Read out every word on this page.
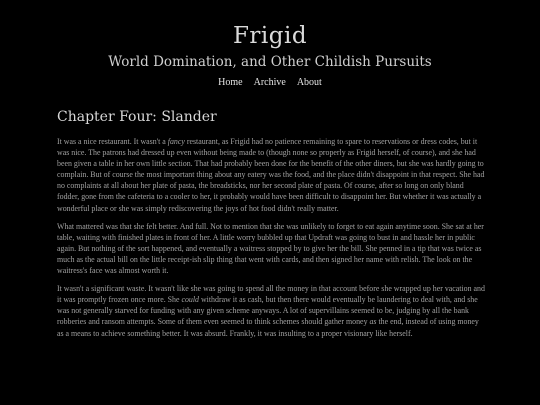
Frigid
World Domination, and Other Childish Pursuits
Home Archive About
Chapter Four: Slander

It was a nice restaurant. It wasn't a fancy restaurant, as Frigid had no patience remaining to spare to reservations or dress codes, but it was nice. The patrons had dressed up even without being made to (though none so properly as Frigid herself, of course), and she had been given a table in her own little section. That had probably been done for the benefit of the other diners, but she was hardly going to complain. But of course the most important thing about any eatery was the food, and the place didn't disappoint in that respect. She had no complaints at all about her plate of pasta, the breadsticks, nor her second plate of pasta. Of course, after so long on only bland fodder, gone from the cafeteria to a cooler to her, it probably would have been difficult to disappoint her. But whether it was actually a wonderful place or she was simply rediscovering the joys of hot food didn't really matter.

What mattered was that she felt better. And full. Not to mention that she was unlikely to forget to eat again anytime soon. She sat at her table, waiting with finished plates in front of her. A little worry bubbled up that Updraft was going to bust in and hassle her in public again. But nothing of the sort happened, and eventually a waitress stopped by to give her the bill. She penned in a tip that was twice as much as the actual bill on the little receipt-ish slip thing that went with cards, and then signed her name with relish. The look on the waitress's face was almost worth it.

It wasn't a significant waste. It wasn't like she was going to spend all the money in that account before she wrapped up her vacation and it was promptly frozen once more. She could withdraw it as cash, but then there would eventually be laundering to deal with, and she was not generally starved for funding with any given scheme anyways. A lot of supervillains seemed to be, judging by all the bank robberies and ransom attempts. Some of them even seemed to think schemes should gather money as the end, instead of using money as a means to achieve something better. It was absurd. Frankly, it was insulting to a proper visionary like herself.
